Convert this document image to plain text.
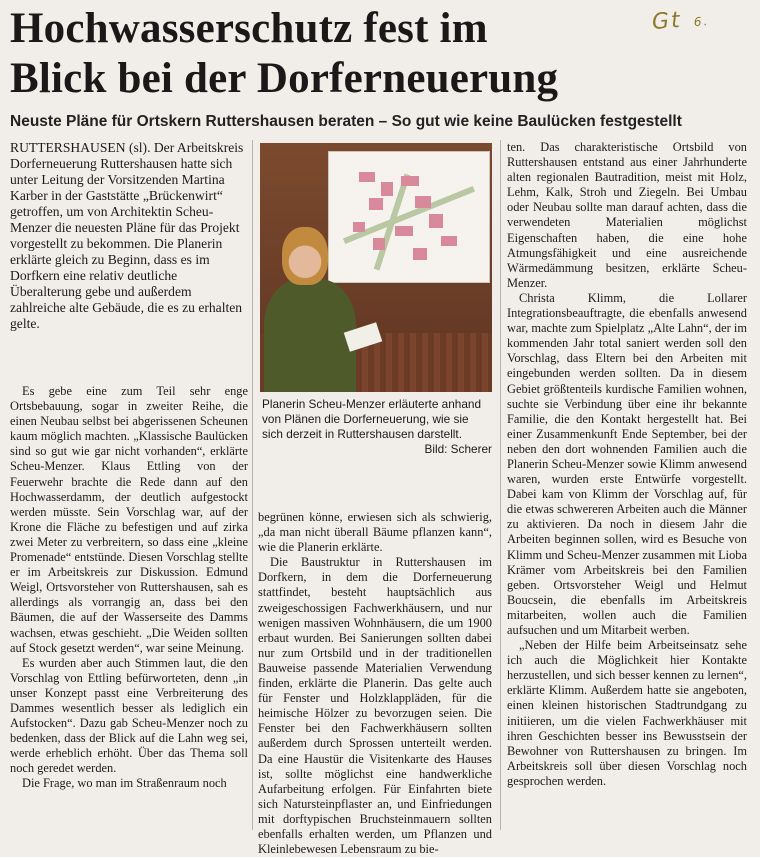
Hochwasserschutz fest im
Blick bei der Dorferneuerung
Gt 6.
Neuste Pläne für Ortskern Ruttershausen beraten – So gut wie keine Baulücken festgestellt

RUTTERSHAUSEN (sl). Der Arbeitskreis Dorferneuerung Ruttershausen hatte sich unter Leitung der Vorsitzenden Martina Karber in der Gaststätte „Brückenwirt“ getroffen, um von Architektin Scheu-Menzer die neuesten Pläne für das Projekt vorgestellt zu bekommen. Die Planerin erklärte gleich zu Beginn, dass es im Dorfkern eine relativ deutliche Überalterung gebe und außerdem zahlreiche alte Gebäude, die es zu erhalten gelte.

Es gebe eine zum Teil sehr enge Ortsbebauung, sogar in zweiter Reihe, die einen Neubau selbst bei abgerissenen Scheunen kaum möglich machten. „Klassische Baulücken sind so gut wie gar nicht vorhanden“, erklärte Scheu-Menzer. Klaus Ettling von der Feuerwehr brachte die Rede dann auf den Hochwasserdamm, der deutlich aufgestockt werden müsste. Sein Vorschlag war, auf der Krone die Fläche zu befestigen und auf zirka zwei Meter zu verbreitern, so dass eine „kleine Promenade“ entstünde. Diesen Vorschlag stellte er im Arbeitskreis zur Diskussion. Edmund Weigl, Ortsvorsteher von Ruttershausen, sah es allerdings als vorrangig an, dass bei den Bäumen, die auf der Wasserseite des Damms wachsen, etwas geschieht. „Die Weiden sollten auf Stock gesetzt werden“, war seine Meinung.

Es wurden aber auch Stimmen laut, die den Vorschlag von Ettling befürworteten, denn „in unser Konzept passt eine Verbreiterung des Dammes wesentlich besser als lediglich ein Aufstocken“. Dazu gab Scheu-Menzer noch zu bedenken, dass der Blick auf die Lahn weg sei, werde erheblich erhöht. Über das Thema soll noch geredet werden.

Die Frage, wo man im Straßenraum noch

Planerin Scheu-Menzer erläuterte anhand von Plänen die Dorferneuerung, wie sie sich derzeit in Ruttershausen darstellt.
Bild: Scherer

begrünen könne, erwiesen sich als schwierig, „da man nicht überall Bäume pflanzen kann“, wie die Planerin erklärte.

Die Baustruktur in Ruttershausen im Dorfkern, in dem die Dorferneuerung stattfindet, besteht hauptsächlich aus zweigeschossigen Fachwerkhäusern, und nur wenigen massiven Wohnhäusern, die um 1900 erbaut wurden. Bei Sanierungen sollten dabei nur zum Ortsbild und in der traditionellen Bauweise passende Materialien Verwendung finden, erklärte die Planerin. Das gelte auch für Fenster und Holzklappläden, für die heimische Hölzer zu bevorzugen seien. Die Fenster bei den Fachwerkhäusern sollten außerdem durch Sprossen unterteilt werden. Da eine Haustür die Visitenkarte des Hauses ist, sollte möglichst eine handwerkliche Aufarbeitung erfolgen. Für Einfahrten biete sich Natursteinpflaster an, und Einfriedungen mit dorftypischen Bruchsteinmauern sollten ebenfalls erhalten werden, um Pflanzen und Kleinlebewesen Lebensraum zu bie-

ten. Das charakteristische Ortsbild von Ruttershausen entstand aus einer Jahrhunderte alten regionalen Bautradition, meist mit Holz, Lehm, Kalk, Stroh und Ziegeln. Bei Umbau oder Neubau sollte man darauf achten, dass die verwendeten Materialien möglichst Eigenschaften haben, die eine hohe Atmungsfähigkeit und eine ausreichende Wärmedämmung besitzen, erklärte Scheu-Menzer.

Christa Klimm, die Lollarer Integrationsbeauftragte, die ebenfalls anwesend war, machte zum Spielplatz „Alte Lahn“, der im kommenden Jahr total saniert werden soll den Vorschlag, dass Eltern bei den Arbeiten mit eingebunden werden sollten. Da in diesem Gebiet größtenteils kurdische Familien wohnen, suchte sie Verbindung über eine ihr bekannte Familie, die den Kontakt hergestellt hat. Bei einer Zusammenkunft Ende September, bei der neben den dort wohnenden Familien auch die Planerin Scheu-Menzer sowie Klimm anwesend waren, wurden erste Entwürfe vorgestellt. Dabei kam von Klimm der Vorschlag auf, für die etwas schwereren Arbeiten auch die Männer zu aktivieren. Da noch in diesem Jahr die Arbeiten beginnen sollen, wird es Besuche von Klimm und Scheu-Menzer zusammen mit Lioba Krämer vom Arbeitskreis bei den Familien geben. Ortsvorsteher Weigl und Helmut Boucsein, die ebenfalls im Arbeitskreis mitarbeiten, wollen auch die Familien aufsuchen und um Mitarbeit werben.

„Neben der Hilfe beim Arbeitseinsatz sehe ich auch die Möglichkeit hier Kontakte herzustellen, und sich besser kennen zu lernen“, erklärte Klimm. Außerdem hatte sie angeboten, einen kleinen historischen Stadtrundgang zu initiieren, um die vielen Fachwerkhäuser mit ihren Geschichten besser ins Bewusstsein der Bewohner von Ruttershausen zu bringen. Im Arbeitskreis soll über diesen Vorschlag noch gesprochen werden.
